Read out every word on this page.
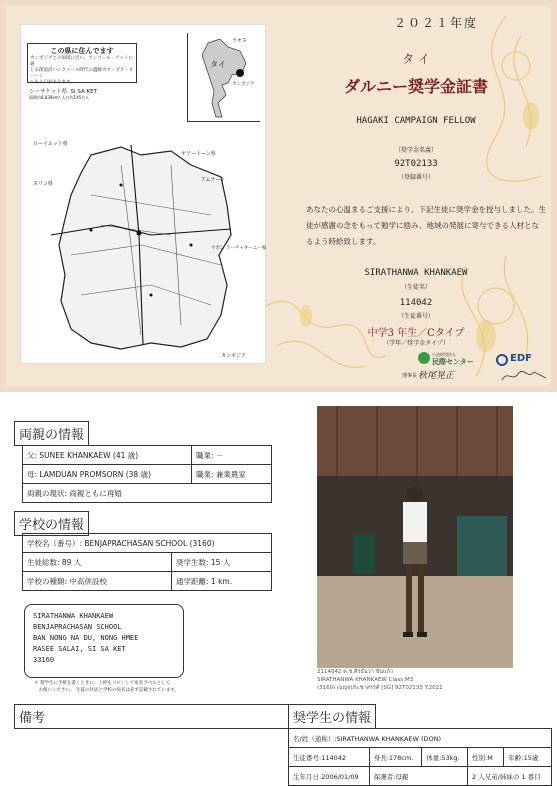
この県に住んでます
カンボジアとの国境に近い、アンコール・ワットに通
じる街道沿いにクメール時代の遺跡カオ・プラ・ビハーン
へも入口があります。
シーサケット県 SI SA KET
面積約8,839km² 人口約145万人
ラオス
タイ
カンボジア
ローイエット県
ヤソートーン県
アムナート
スリン県
ウボン ラーチャターニー県
カンボジア
２０２１年度
タ イ
ダルニー奨学金証書
HAGAKI CAMPAIGN FELLOW
（奨学金名義）
92T02133
（登録番号）
あなたの心温まるご支援により、下記生徒に奨学金を授与しました。生徒が感謝の念をもって勉学に励み、地域の発展に寄与できる人材となるよう時給致します。
SIRATHANWA KHANKAEW
（生徒名）
114042
（生徒番号）
中学3 年生／Cタイプ
（学年／奨学金タイプ）
公益財団法人
民際センター
理事長 秋尾晃正
EDF
両親の情報
父: SUNEE KHANKAEW (41 歳)	職業: －
母: LAMDUAN PROMSORN (38 歳)	職業: 兼業農家
両親の現状: 両親ともに再婚	
学校の情報
学校名（番号）: BENJAPRACHASAN SCHOOL (3160)	
生徒総数: 89 人	奨学生数: 15 人
学校の種類: 中高併設校	通学距離: 1 km.
SIRATHANWA KHANKAEW
BENJAPRACHASAN SCHOOL
BAN NONG NA DU, NONG HMEE
RASEE SALAI, SI SA KET
33160
＊ 奨学生に手紙を書くときに、上枠をコピーして宛名ラベルとして
　お使いください。 生徒の住居と学校の宛名は必ず記載されています。
備考
2114042 ด.ช.ศิรธันวา ขันแก้ว
SIRATHANWA KHANKAEW Class:M3
(3160) เบญจประชาสรรค์ [SG] 92T02133 Y.2021
奨学生の情報
名/姓（通称）:SIRATHANWA KHANKAEW (DON)				
生徒番号:114042	身長:178cm.	体重:53kg.	性別:M	年齢:15歳
生年月日:2006/01/09	保護者:母親		2 人兄弟/姉妹の 1 番目	
